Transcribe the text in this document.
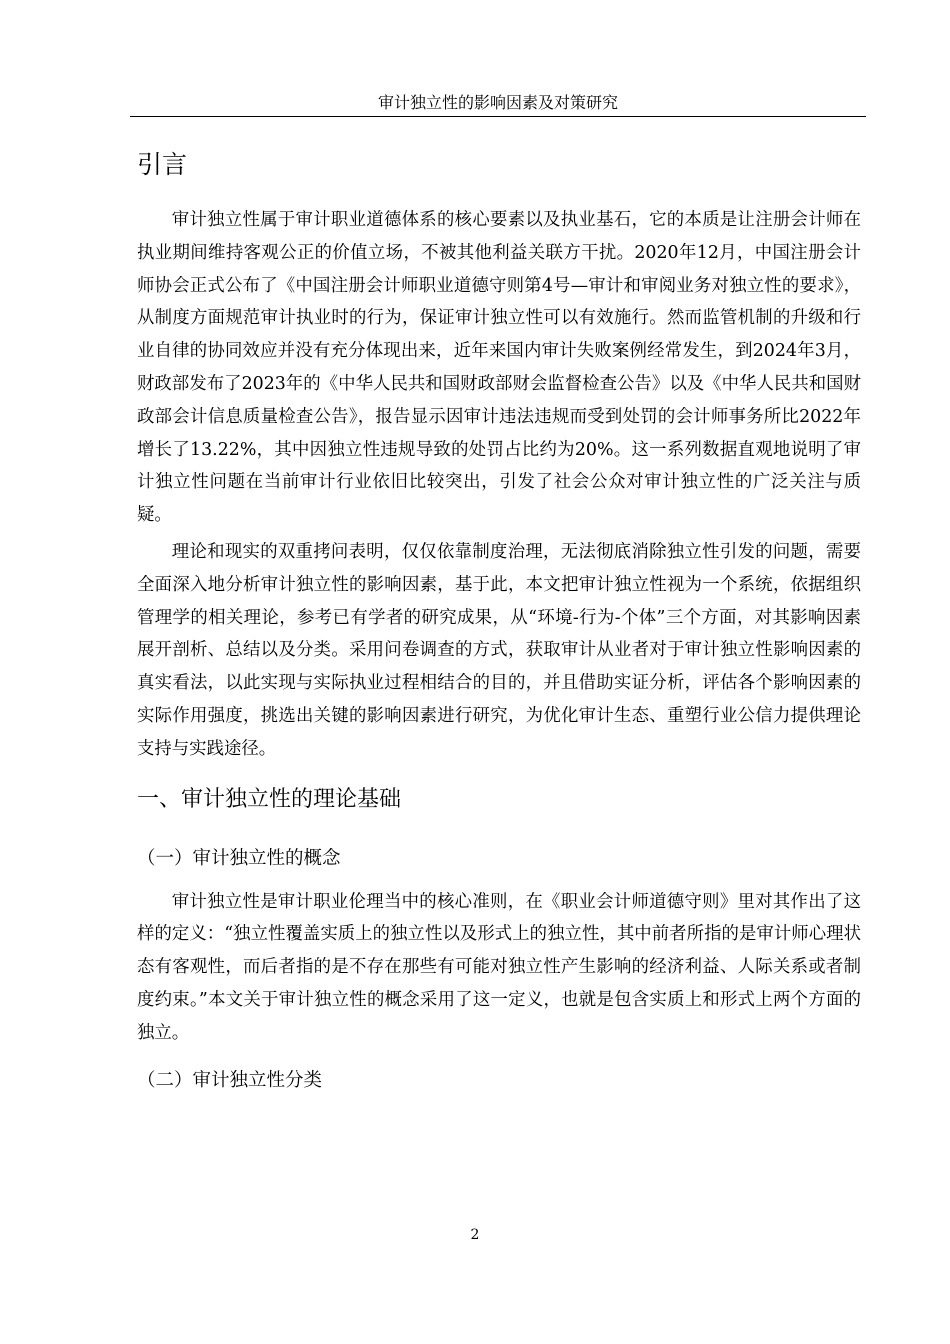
审计独立性的影响因素及对策研究
引言

审计独立性属于审计职业道德体系的核心要素以及执业基石，它的本质是让注册会计师在执业期间维持客观公正的价值立场，不被其他利益关联方干扰。2020年12月，中国注册会计师协会正式公布了《中国注册会计师职业道德守则第4号—审计和审阅业务对独立性的要求》，从制度方面规范审计执业时的行为，保证审计独立性可以有效施行。然而监管机制的升级和行业自律的协同效应并没有充分体现出来，近年来国内审计失败案例经常发生，到2024年3月，财政部发布了2023年的《中华人民共和国财政部财会监督检查公告》以及《中华人民共和国财政部会计信息质量检查公告》，报告显示因审计违法违规而受到处罚的会计师事务所比2022年增长了13.22%，其中因独立性违规导致的处罚占比约为20%。这一系列数据直观地说明了审计独立性问题在当前审计行业依旧比较突出，引发了社会公众对审计独立性的广泛关注与质疑。

理论和现实的双重拷问表明，仅仅依靠制度治理，无法彻底消除独立性引发的问题，需要全面深入地分析审计独立性的影响因素，基于此，本文把审计独立性视为一个系统，依据组织管理学的相关理论，参考已有学者的研究成果，从“环境-行为-个体”三个方面，对其影响因素展开剖析、总结以及分类。采用问卷调查的方式，获取审计从业者对于审计独立性影响因素的真实看法，以此实现与实际执业过程相结合的目的，并且借助实证分析，评估各个影响因素的实际作用强度，挑选出关键的影响因素进行研究，为优化审计生态、重塑行业公信力提供理论支持与实践途径。

一、审计独立性的理论基础
（一）审计独立性的概念

审计独立性是审计职业伦理当中的核心准则，在《职业会计师道德守则》里对其作出了这样的定义：“独立性覆盖实质上的独立性以及形式上的独立性，其中前者所指的是审计师心理状态有客观性，而后者指的是不存在那些有可能对独立性产生影响的经济利益、人际关系或者制度约束。”本文关于审计独立性的概念采用了这一定义，也就是包含实质上和形式上两个方面的独立。

（二）审计独立性分类
2
